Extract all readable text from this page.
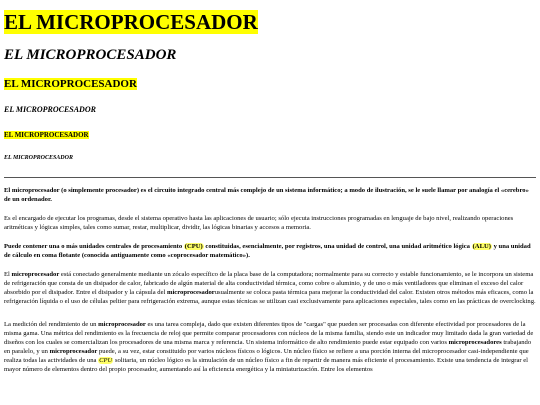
EL MICROPROCESADOR
EL MICROPROCESADOR
EL MICROPROCESADOR
EL MICROPROCESADOR
EL MICROPROCESADOR
EL MICROPROCESADOR

El microprocesador (o simplemente procesador) es el circuito integrado central más complejo de un sistema informático; a modo de ilustración, se le suele llamar por analogía el «cerebro» de un ordenador.

Es el encargado de ejecutar los programas, desde el sistema operativo hasta las aplicaciones de usuario; sólo ejecuta instrucciones programadas en lenguaje de bajo nivel, realizando operaciones aritméticas y lógicas simples, tales como sumar, restar, multiplicar, dividir, las lógicas binarias y accesos a memoria.

Puede contener una o más unidades centrales de procesamiento (CPU) constituidas, esencialmente, por registros, una unidad de control, una unidad aritmético lógica (ALU) y una unidad de cálculo en coma flotante (conocida antiguamente como «coprocesador matemático»).

El microprocesador está conectado generalmente mediante un zócalo específico de la placa base de la computadora; normalmente para su correcto y estable funcionamiento, se le incorpora un sistema de refrigeración que consta de un disipador de calor, fabricado de algún material de alta conductividad térmica, como cobre o aluminio, y de uno o más ventiladores que eliminan el exceso del calor absorbido por el disipador. Entre el disipador y la cápsula del microprocesadorusualmente se coloca pasta térmica para mejorar la conductividad del calor. Existen otros métodos más eficaces, como la refrigeración líquida o el uso de células peltier para refrigeración extrema, aunque estas técnicas se utilizan casi exclusivamente para aplicaciones especiales, tales como en las prácticas de overclocking.

La medición del rendimiento de un microprocesador es una tarea compleja, dado que existen diferentes tipos de "cargas" que pueden ser procesadas con diferente efectividad por procesadores de la misma gama. Una métrica del rendimiento es la frecuencia de reloj que permite comparar procesadores con núcleos de la misma familia, siendo este un indicador muy limitado dada la gran variedad de diseños con los cuales se comercializan los procesadores de una misma marca y referencia. Un sistema informático de alto rendimiento puede estar equipado con varios microprocesadores trabajando en paralelo, y un microprocesador puede, a su vez, estar constituido por varios núcleos físicos o lógicos. Un núcleo físico se refiere a una porción interna del microprocesador casi-independiente que realiza todas las actividades de una CPU solitaria, un núcleo lógico es la simulación de un núcleo físico a fin de repartir de manera más eficiente el procesamiento. Existe una tendencia de integrar el mayor número de elementos dentro del propio procesador, aumentando así la eficiencia energética y la miniaturización. Entre los elementos
